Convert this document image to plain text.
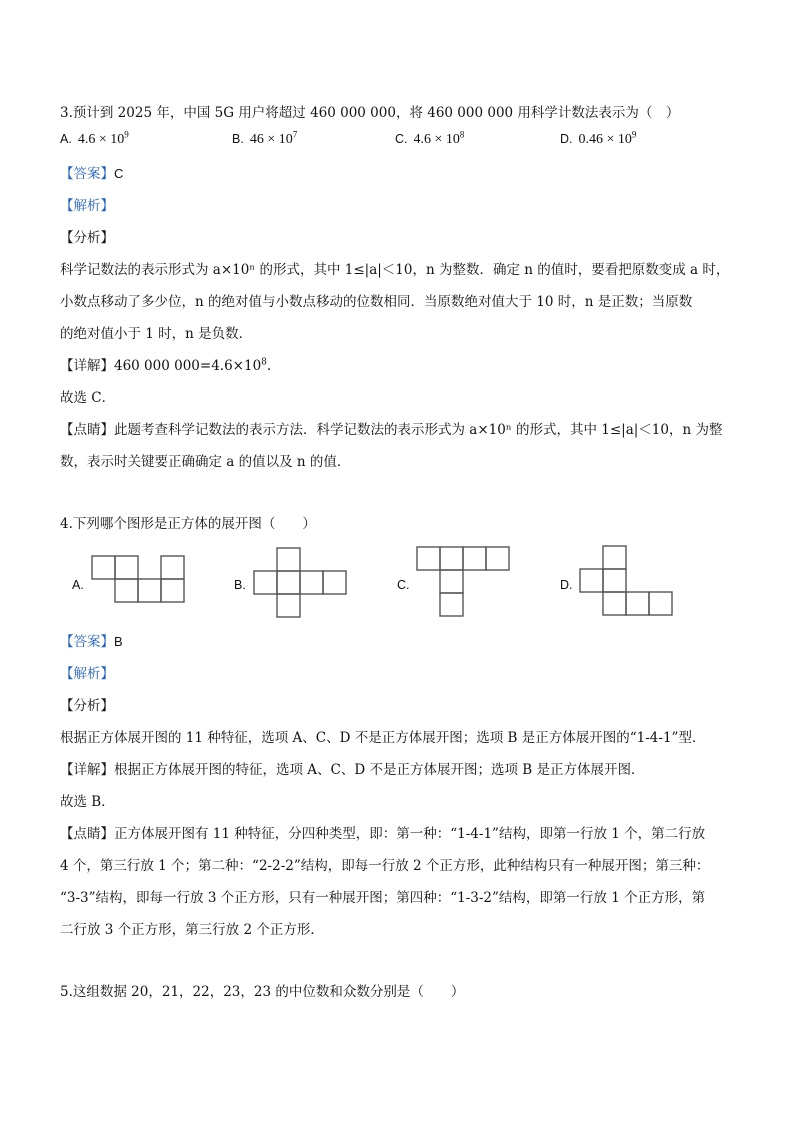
3.预计到 2025 年，中国 5G 用户将超过 460 000 000，将 460 000 000 用科学计数法表示为（　）
A. $4.6 \times 10^9$	B. $46 \times 10^7$	C. $4.6 \times 10^8$	D. $0.46 \times 10^9$
【答案】C
【解析】
【分析】
科学记数法的表示形式为 a×10ⁿ 的形式，其中 1≤|a|＜10，n 为整数．确定 n 的值时，要看把原数变成 a 时，
小数点移动了多少位，n 的绝对值与小数点移动的位数相同．当原数绝对值大于 10 时，n 是正数；当原数
的绝对值小于 1 时，n 是负数．
【详解】460 000 $000=4.6\times 10^8$.
故选 C．
【点睛】此题考查科学记数法的表示方法．科学记数法的表示形式为 a×10ⁿ 的形式，其中 1≤|a|＜10，n 为整
数，表示时关键要正确确定 a 的值以及 n 的值．
4.下列哪个图形是正方体的展开图（　　）
A.	B.	C.	D.
【答案】B
【解析】
【分析】
根据正方体展开图的 11 种特征，选项 A、C、D 不是正方体展开图；选项 B 是正方体展开图的“1-4-1”型．
【详解】根据正方体展开图的特征，选项 A、C、D 不是正方体展开图；选项 B 是正方体展开图．
故选 B．
【点睛】正方体展开图有 11 种特征，分四种类型，即：第一种：“1-4-1”结构，即第一行放 1 个，第二行放
4 个，第三行放 1 个；第二种：“2-2-2”结构，即每一行放 2 个正方形，此种结构只有一种展开图；第三种：
“3-3”结构，即每一行放 3 个正方形，只有一种展开图；第四种：“1-3-2”结构，即第一行放 1 个正方形，第
二行放 3 个正方形，第三行放 2 个正方形．
5.这组数据 20，21，22，23，23 的中位数和众数分别是（　　）
